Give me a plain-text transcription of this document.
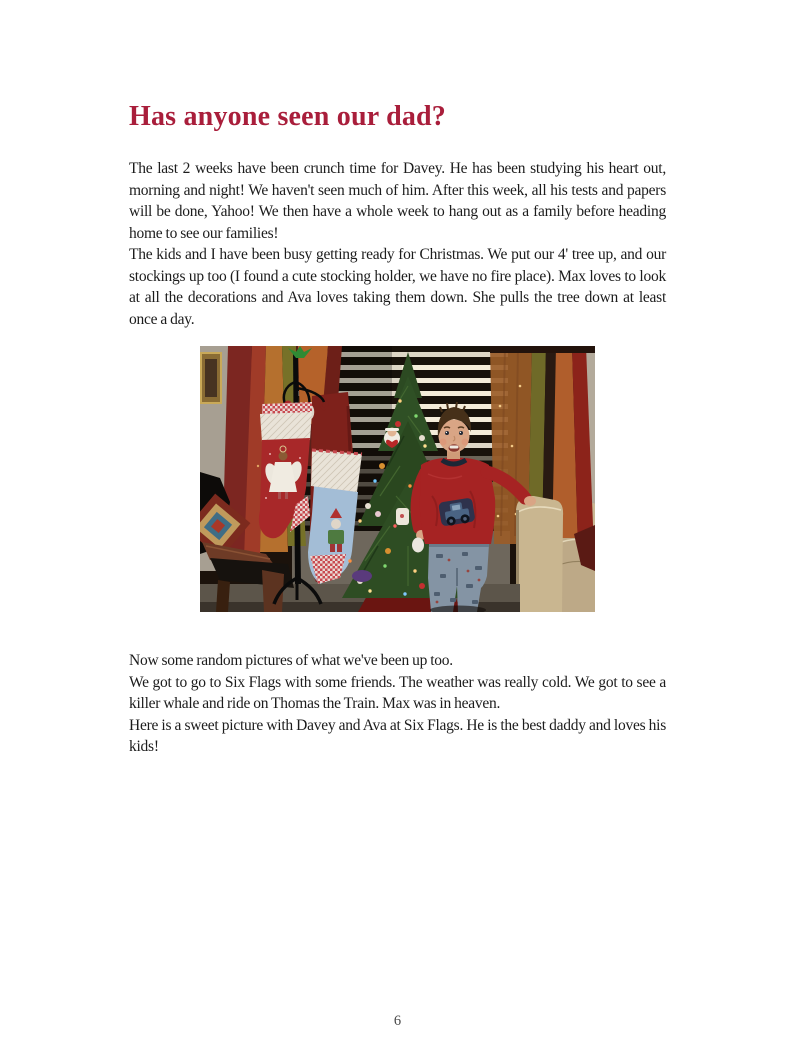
Has anyone seen our dad?

The last 2 weeks have been crunch time for Davey. He has been studying his heart out, morning and night! We haven't seen much of him. After this week, all his tests and papers will be done, Yahoo! We then have a whole week to hang out as a family before heading home to see our families!

The kids and I have been busy getting ready for Christmas. We put our 4' tree up, and our stockings up too (I found a cute stocking holder, we have no fire place). Max loves to look at all the decorations and Ava loves taking them down. She pulls the tree down at least once a day.

Now some random pictures of what we've been up too.

We got to go to Six Flags with some friends. The weather was really cold. We got to see a killer whale and ride on Thomas the Train. Max was in heaven.

Here is a sweet picture with Davey and Ava at Six Flags. He is the best daddy and loves his kids!

6
